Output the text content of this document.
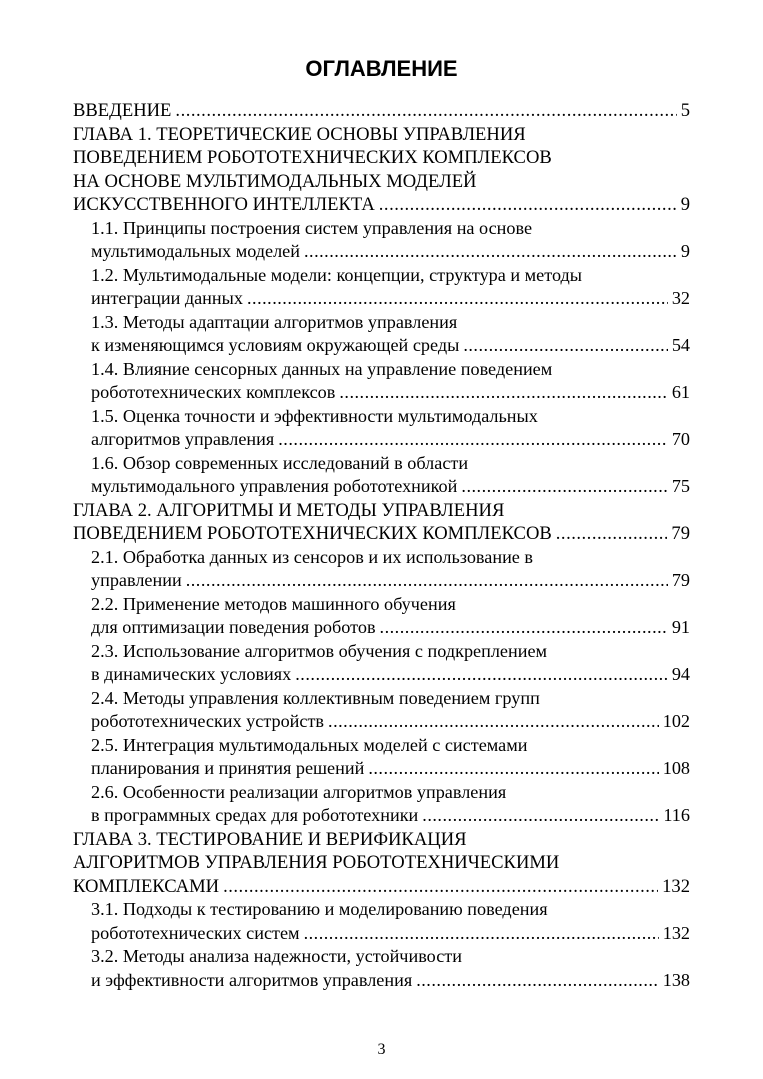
ОГЛАВЛЕНИЕ
ВВЕДЕНИЕ .....	5
ГЛАВА 1. ТЕОРЕТИЧЕСКИЕ ОСНОВЫ УПРАВЛЕНИЯ
ПОВЕДЕНИЕМ РОБОТОТЕХНИЧЕСКИХ КОМПЛЕКСОВ
НА ОСНОВЕ МУЛЬТИМОДАЛЬНЫХ МОДЕЛЕЙ
ИСКУССТВЕННОГО ИНТЕЛЛЕКТА .....	9
1.1. Принципы построения систем управления на основе
мультимодальных моделей .....	9
1.2. Мультимодальные модели: концепции, структура и методы
интеграции данных .....	32
1.3. Методы адаптации алгоритмов управления
к изменяющимся условиям окружающей среды .....	54
1.4. Влияние сенсорных данных на управление поведением
робототехнических комплексов .....	61
1.5. Оценка точности и эффективности мультимодальных
алгоритмов управления .....	70
1.6. Обзор современных исследований в области
мультимодального управления робототехникой .....	75
ГЛАВА 2. АЛГОРИТМЫ И МЕТОДЫ УПРАВЛЕНИЯ
ПОВЕДЕНИЕМ РОБОТОТЕХНИЧЕСКИХ КОМПЛЕКСОВ .....	79
2.1. Обработка данных из сенсоров и их использование в
управлении .....	79
2.2. Применение методов машинного обучения
для оптимизации поведения роботов .....	91
2.3. Использование алгоритмов обучения с подкреплением
в динамических условиях .....	94
2.4. Методы управления коллективным поведением групп
робототехнических устройств .....	102
2.5. Интеграция мультимодальных моделей с системами
планирования и принятия решений .....	108
2.6. Особенности реализации алгоритмов управления
в программных средах для робототехники .....	116
ГЛАВА 3. ТЕСТИРОВАНИЕ И ВЕРИФИКАЦИЯ
АЛГОРИТМОВ УПРАВЛЕНИЯ РОБОТОТЕХНИЧЕСКИМИ
КОМПЛЕКСАМИ .....	132
3.1. Подходы к тестированию и моделированию поведения
робототехнических систем .....	132
3.2. Методы анализа надежности, устойчивости
и эффективности алгоритмов управления .....	138
3
